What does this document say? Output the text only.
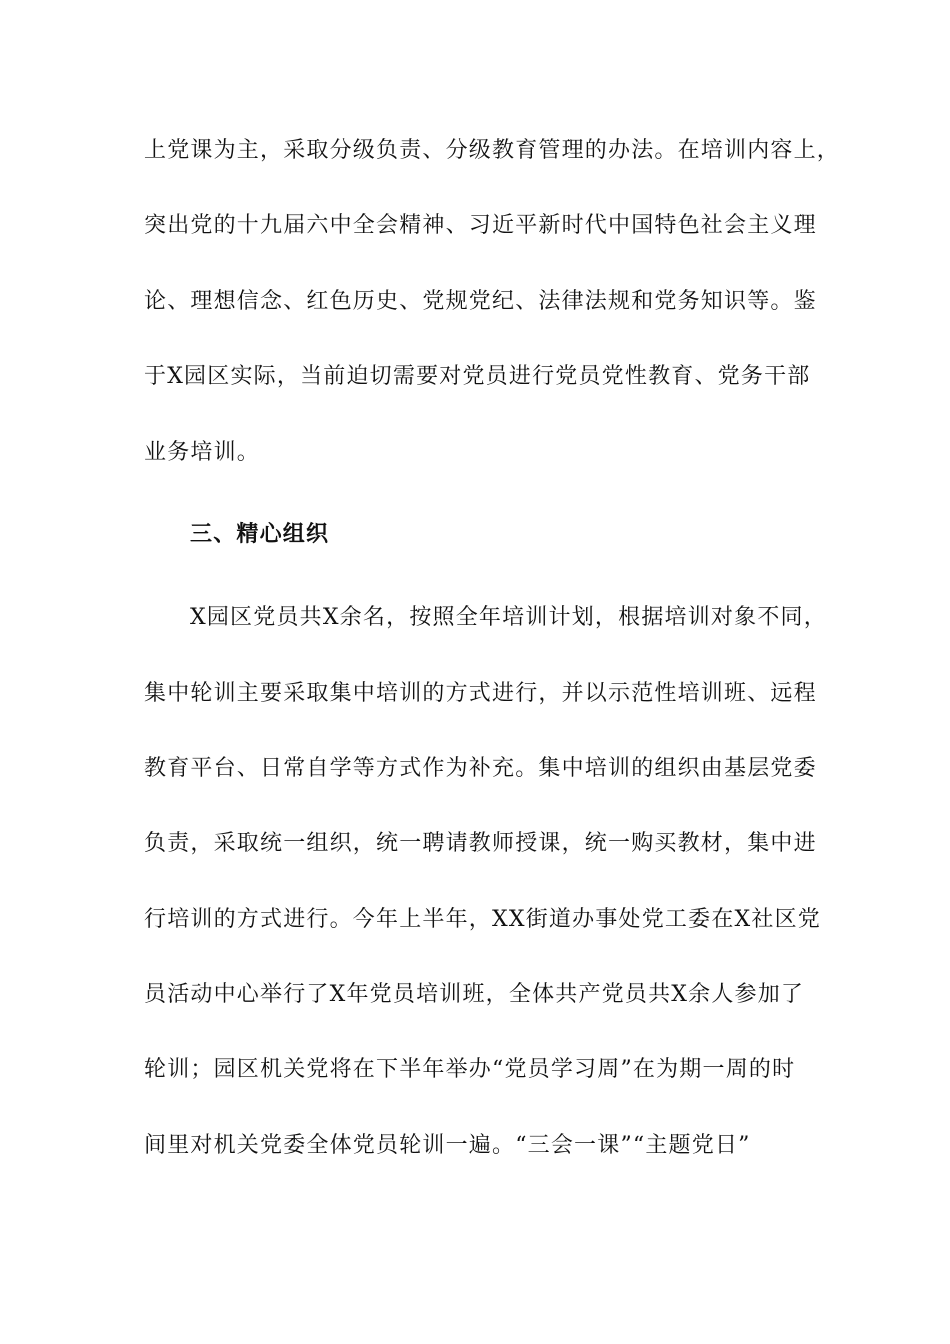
上党课为主，采取分级负责、分级教育管理的办法。在培训内容上，
突出党的十九届六中全会精神、习近平新时代中国特色社会主义理
论、理想信念、红色历史、党规党纪、法律法规和党务知识等。鉴
于X园区实际，当前迫切需要对党员进行党员党性教育、党务干部
业务培训。
三、精心组织
X园区党员共X余名，按照全年培训计划，根据培训对象不同，
集中轮训主要采取集中培训的方式进行，并以示范性培训班、远程
教育平台、日常自学等方式作为补充。集中培训的组织由基层党委
负责，采取统一组织，统一聘请教师授课，统一购买教材，集中进
行培训的方式进行。今年上半年，XX街道办事处党工委在X社区党
员活动中心举行了X年党员培训班，全体共产党员共X余人参加了
轮训；园区机关党将在下半年举办“党员学习周”在为期一周的时
间里对机关党委全体党员轮训一遍。“三会一课”“主题党日”
